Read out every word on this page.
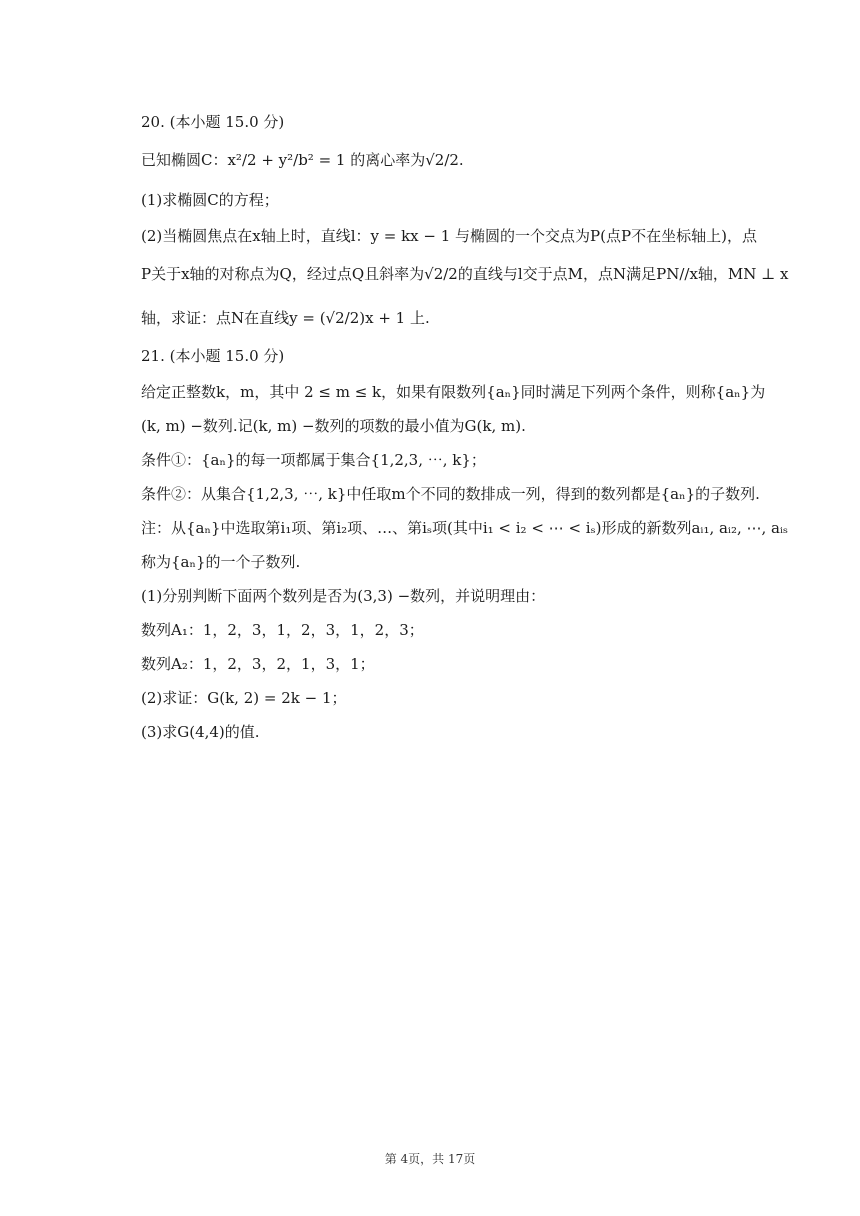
20. (本小题 15.0 分)
已知椭圆C：x²/2 + y²/b² = 1 的离心率为√2/2.
(1)求椭圆C的方程；
(2)当椭圆焦点在x轴上时，直线l：y = kx − 1 与椭圆的一个交点为P(点P不在坐标轴上)，点
P关于x轴的对称点为Q，经过点Q且斜率为√2/2的直线与l交于点M，点N满足PN//x轴，MN ⊥ x
轴，求证：点N在直线y = (√2/2)x + 1 上.
21. (本小题 15.0 分)
给定正整数k，m，其中 2 ≤ m ≤ k，如果有限数列{aₙ}同时满足下列两个条件，则称{aₙ}为
(k, m) −数列.记(k, m) −数列的项数的最小值为G(k, m).
条件①：{aₙ}的每一项都属于集合{1,2,3, ⋯, k}；
条件②：从集合{1,2,3, ⋯, k}中任取m个不同的数排成一列，得到的数列都是{aₙ}的子数列.
注：从{aₙ}中选取第i₁项、第i₂项、…、第iₛ项(其中i₁ < i₂ < ⋯ < iₛ)形成的新数列aᵢ₁, aᵢ₂, ⋯, aᵢₛ
称为{aₙ}的一个子数列.
(1)分别判断下面两个数列是否为(3,3) −数列，并说明理由：
数列A₁：1，2，3，1，2，3，1，2，3；
数列A₂：1，2，3，2，1，3，1；
(2)求证：G(k, 2) = 2k − 1；
(3)求G(4,4)的值.
第 4页，共 17页
